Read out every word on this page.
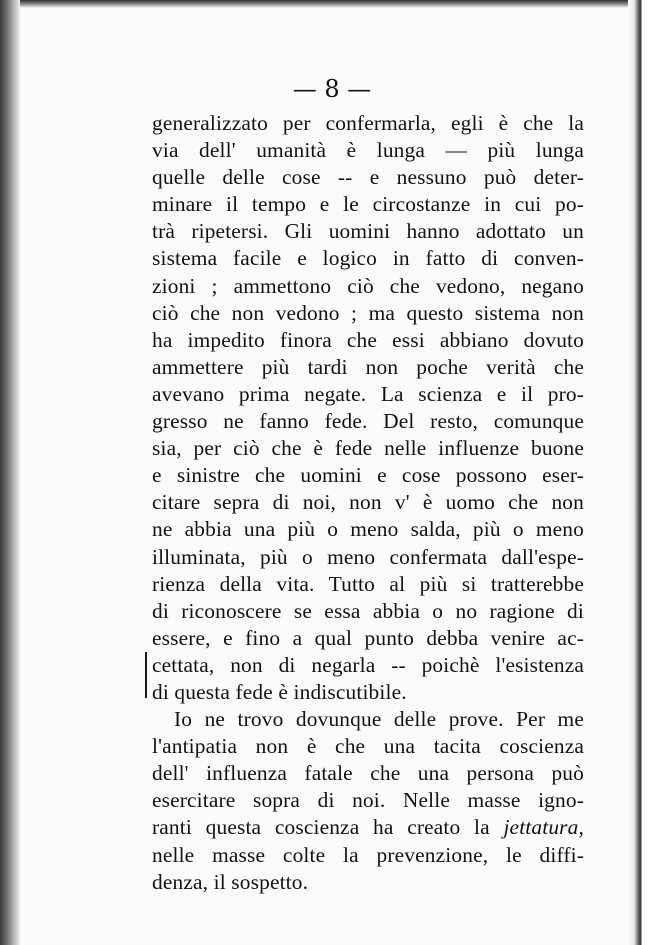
— 8 —
generalizzato per confermarla, egli è che la
via dell' umanità è lunga — più lunga
quelle delle cose -- e nessuno può deter-
minare il tempo e le circostanze in cui po-
trà ripetersi. Gli uomini hanno adottato un
sistema facile e logico in fatto di conven-
zioni ; ammettono ciò che vedono, negano
ciò che non vedono ; ma questo sistema non
ha impedito finora che essi abbiano dovuto
ammettere più tardi non poche verità che
avevano prima negate. La scienza e il pro-
gresso ne fanno fede. Del resto, comunque
sia, per ciò che è fede nelle influenze buone
e sinistre che uomini e cose possono eser-
citare sepra di noi, non v' è uomo che non
ne abbia una più o meno salda, più o meno
illuminata, più o meno confermata dall'espe-
rienza della vita. Tutto al più si tratterebbe
di riconoscere se essa abbia o no ragione di
essere, e fino a qual punto debba venire ac-
cettata, non di negarla -- poichè l'esistenza
di questa fede è indiscutibile.
Io ne trovo dovunque delle prove. Per me
l'antipatia non è che una tacita coscienza
dell' influenza fatale che una persona può
esercitare sopra di noi. Nelle masse igno-
ranti questa coscienza ha creato la jettatura,
nelle masse colte la prevenzione, le diffi-
denza, il sospetto.
